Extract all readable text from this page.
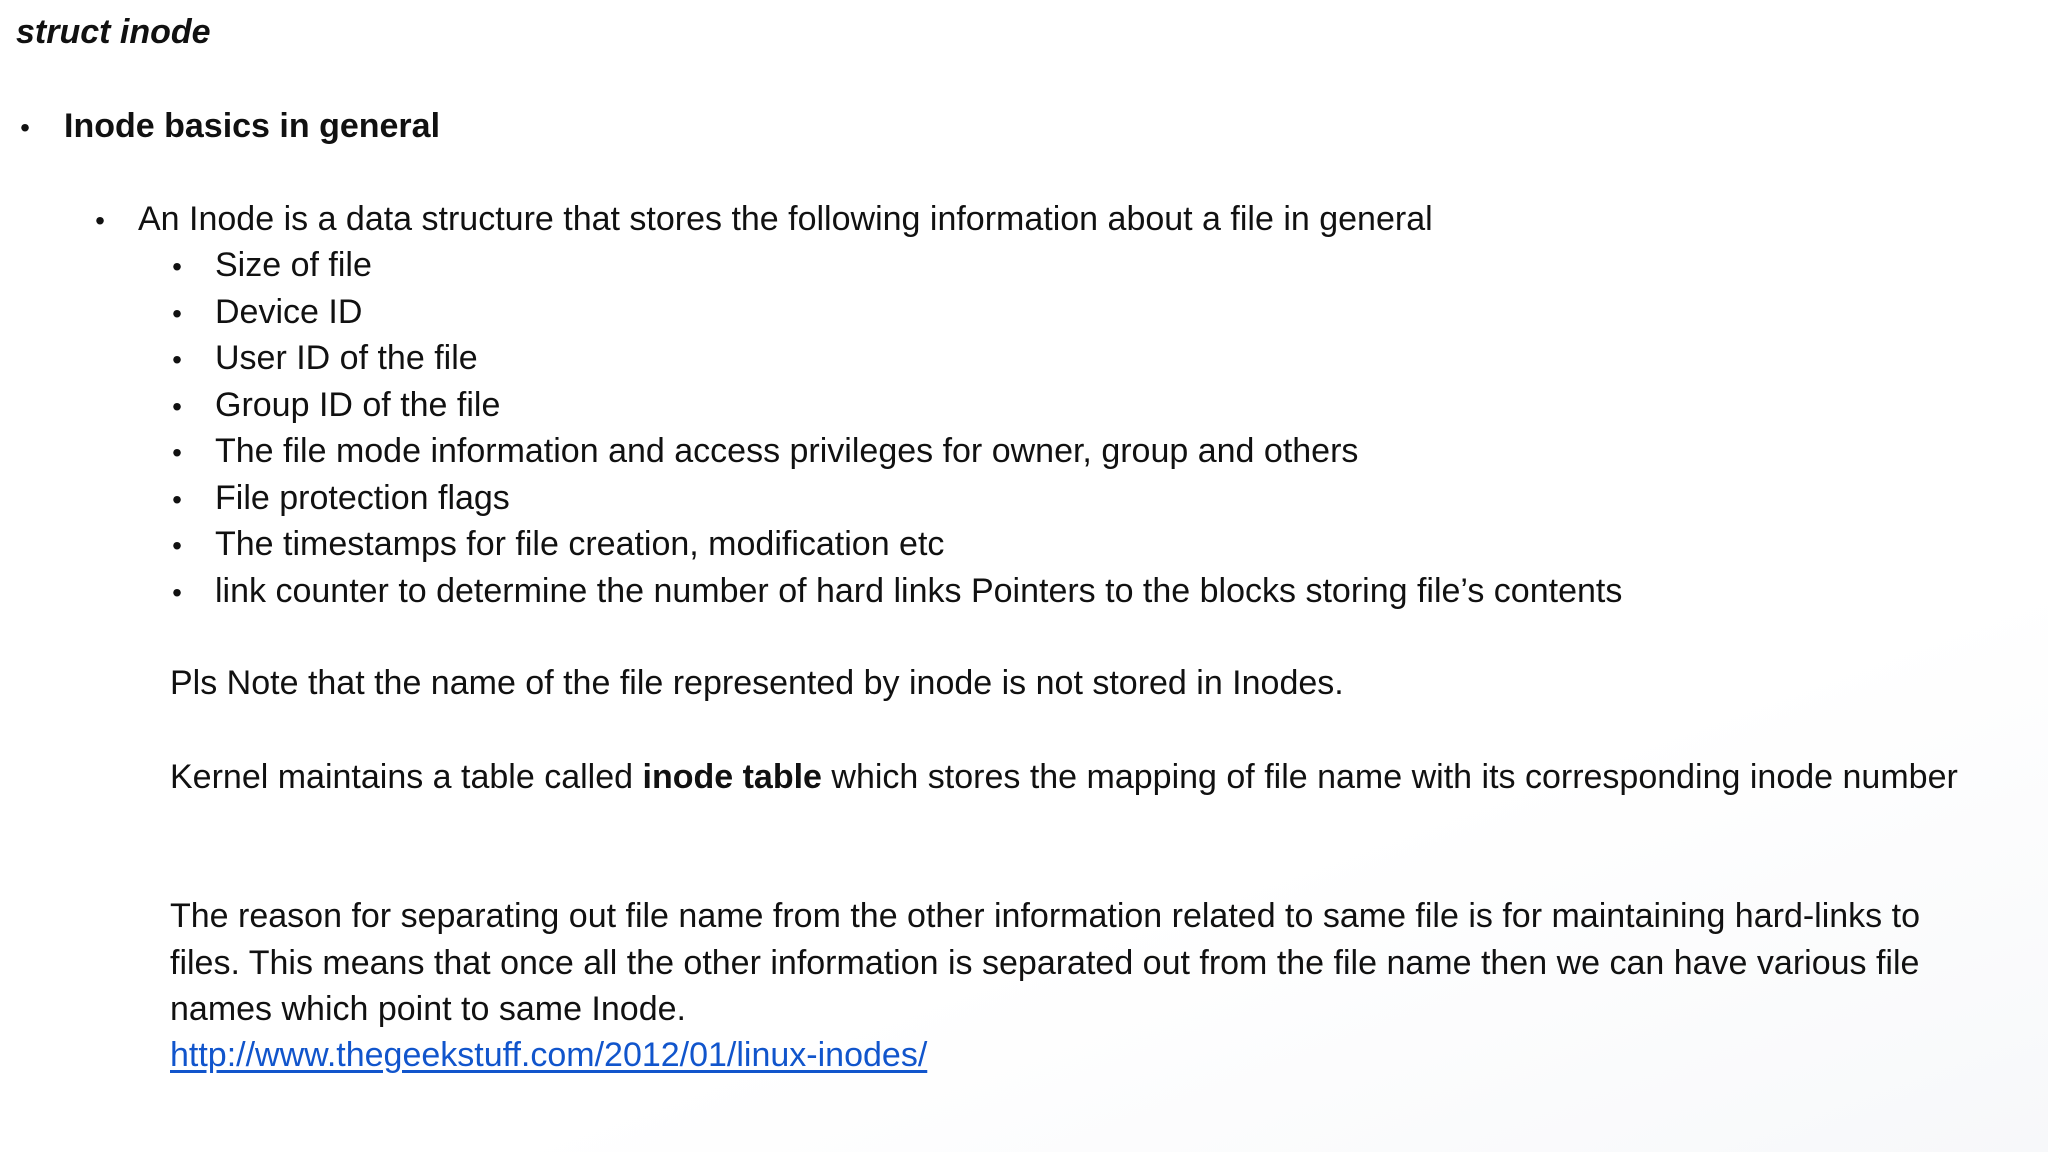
struct inode
• Inode basics in general
• An Inode is a data structure that stores the following information about a file in general
• Size of file
• Device ID
• User ID of the file
• Group ID of the file
• The file mode information and access privileges for owner, group and others
• File protection flags
• The timestamps for file creation, modification etc
• link counter to determine the number of hard links Pointers to the blocks storing file’s contents
Pls Note that the name of the file represented by inode is not stored in Inodes.
Kernel maintains a table called inode table which stores the mapping of file name with its corresponding inode number
The reason for separating out file name from the other information related to same file is for maintaining hard-links to files. This means that once all the other information is separated out from the file name then we can have various file names which point to same Inode.
http://www.thegeekstuff.com/2012/01/linux-inodes/
